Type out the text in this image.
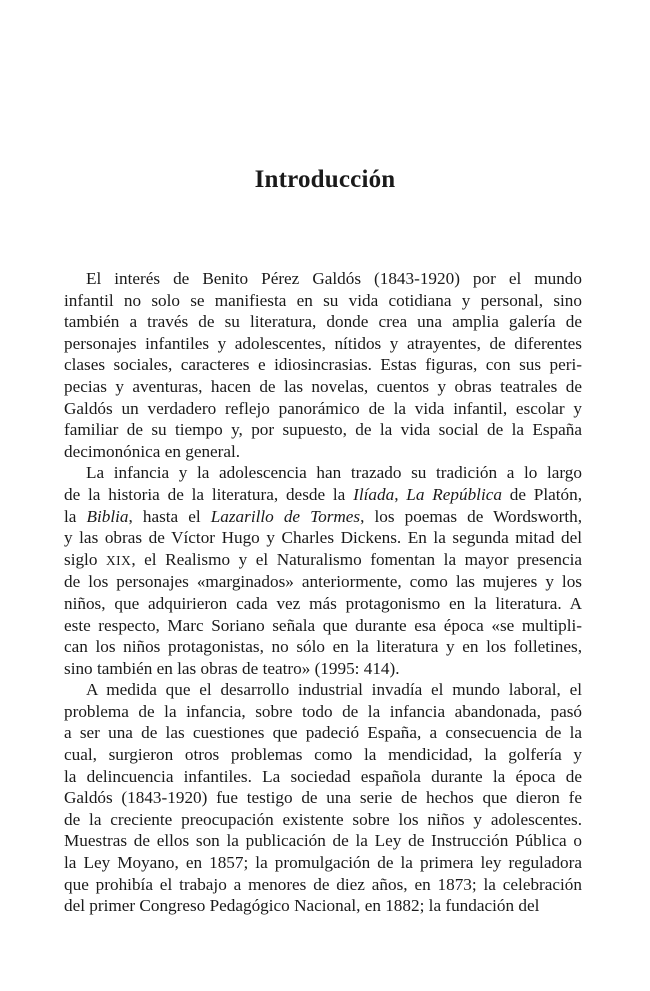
Introducción
El interés de Benito Pérez Galdós (1843-1920) por el mundo
infantil no solo se manifiesta en su vida cotidiana y personal, sino
también a través de su literatura, donde crea una amplia galería de
personajes infantiles y adolescentes, nítidos y atrayentes, de diferentes
clases sociales, caracteres e idiosincrasias. Estas figuras, con sus peri-
pecias y aventuras, hacen de las novelas, cuentos y obras teatrales de
Galdós un verdadero reflejo panorámico de la vida infantil, escolar y
familiar de su tiempo y, por supuesto, de la vida social de la España
decimonónica en general.
La infancia y la adolescencia han trazado su tradición a lo largo
de la historia de la literatura, desde la Ilíada, La República de Platón,
la Biblia, hasta el Lazarillo de Tormes, los poemas de Wordsworth,
y las obras de Víctor Hugo y Charles Dickens. En la segunda mitad del
siglo XIX, el Realismo y el Naturalismo fomentan la mayor presencia
de los personajes «marginados» anteriormente, como las mujeres y los
niños, que adquirieron cada vez más protagonismo en la literatura. A
este respecto, Marc Soriano señala que durante esa época «se multipli-
can los niños protagonistas, no sólo en la literatura y en los folletines,
sino también en las obras de teatro» (1995: 414).
A medida que el desarrollo industrial invadía el mundo laboral, el
problema de la infancia, sobre todo de la infancia abandonada, pasó
a ser una de las cuestiones que padeció España, a consecuencia de la
cual, surgieron otros problemas como la mendicidad, la golfería y
la delincuencia infantiles. La sociedad española durante la época de
Galdós (1843-1920) fue testigo de una serie de hechos que dieron fe
de la creciente preocupación existente sobre los niños y adolescentes.
Muestras de ellos son la publicación de la Ley de Instrucción Pública o
la Ley Moyano, en 1857; la promulgación de la primera ley reguladora
que prohibía el trabajo a menores de diez años, en 1873; la celebración
del primer Congreso Pedagógico Nacional, en 1882; la fundación del
